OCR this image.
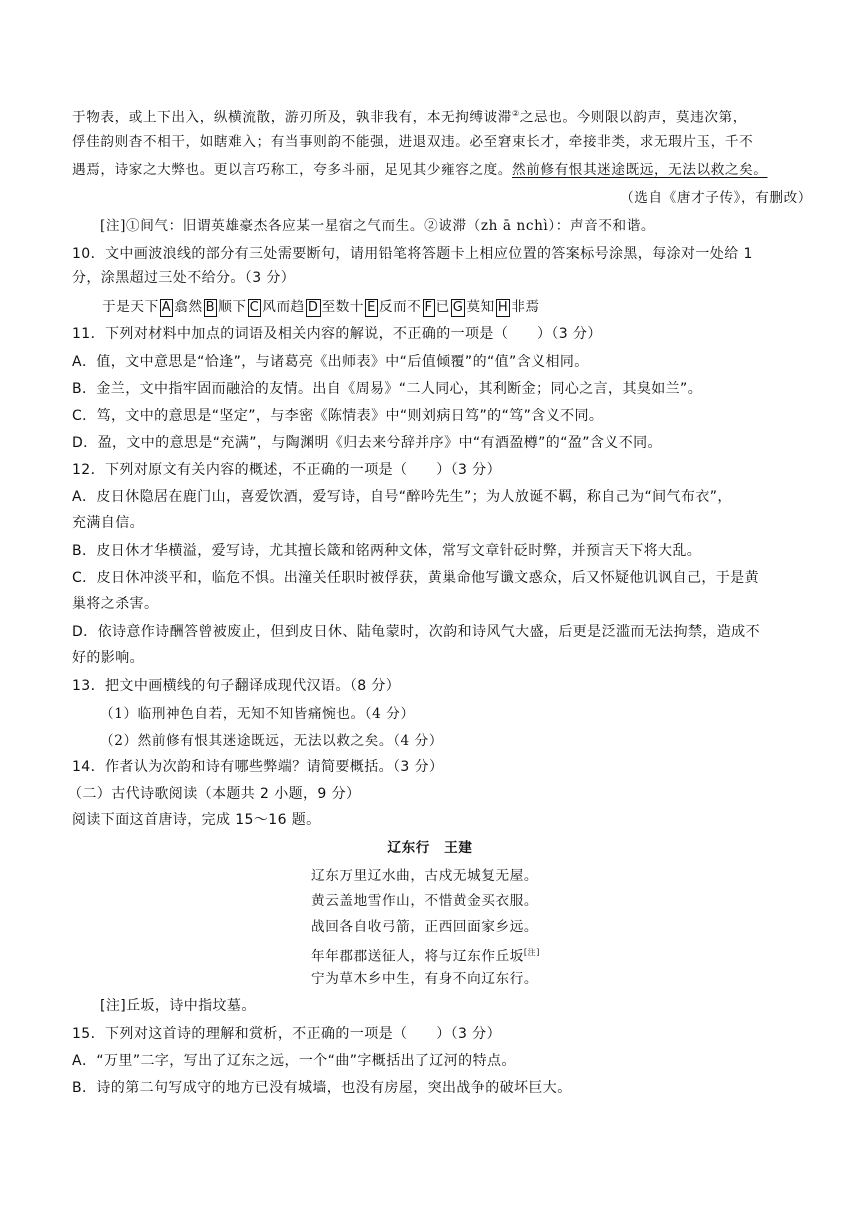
于物表，或上下出入，纵横流散，游刃所及，孰非我有，本无拘缚诐滞②之忌也。今则限以韵声，莫违次第，
俘佳韵则杳不相干，如瞎难入；有当事则韵不能强，进退双违。必至窘束长才，牵接非类，求无瑕片玉，千不
遇焉，诗家之大弊也。更以言巧称工，夸多斗丽，足见其少雍容之度。然前修有恨其迷途既远，无法以救之矣。
（选自《唐才子传》，有删改）
[注]①间气：旧谓英雄豪杰各应某一星宿之气而生。②诐滞（zh ā nchì）：声音不和谐。
10．文中画波浪线的部分有三处需要断句，请用铅笔将答题卡上相应位置的答案标号涂黑，每涂对一处给 1
分，涂黑超过三处不给分。（3 分）
于是天下 A 翕然 B 顺下 C 风而趋 D 至数十 E 反而不 F 已 G 莫知 H 非焉
11．下列对材料中加点的词语及相关内容的解说，不正确的一项是（　　）（3 分）
A．值，文中意思是“恰逢”，与诸葛亮《出师表》中“后值倾覆”的“值”含义相同。
B．金兰，文中指牢固而融洽的友情。出自《周易》“二人同心，其利断金；同心之言，其臭如兰”。
C．笃，文中的意思是“坚定”，与李密《陈情表》中“则刘病日笃”的“笃”含义不同。
D．盈，文中的意思是“充满”，与陶渊明《归去来兮辞并序》中“有酒盈樽”的“盈”含义不同。
12．下列对原文有关内容的概述，不正确的一项是（　　）（3 分）
A．皮日休隐居在鹿门山，喜爱饮酒，爱写诗，自号“醉吟先生”；为人放诞不羁，称自己为“间气布衣”，
充满自信。
B．皮日休才华横溢，爱写诗，尤其擅长箴和铭两种文体，常写文章针砭时弊，并预言天下将大乱。
C．皮日休冲淡平和，临危不惧。出潼关任职时被俘获，黄巢命他写谶文惑众，后又怀疑他讥讽自己，于是黄
巢将之杀害。
D．依诗意作诗酬答曾被废止，但到皮日休、陆龟蒙时，次韵和诗风气大盛，后更是泛滥而无法拘禁，造成不
好的影响。
13．把文中画横线的句子翻译成现代汉语。（8 分）
（1）临刑神色自若，无知不知皆痛惋也。（4 分）
（2）然前修有恨其迷途既远，无法以救之矣。（4 分）
14．作者认为次韵和诗有哪些弊端？请简要概括。（3 分）
（二）古代诗歌阅读（本题共 2 小题，9 分）
阅读下面这首唐诗，完成 15～16 题。
辽东行　王建
辽东万里辽水曲，古戍无城复无屋。
黄云盖地雪作山，不惜黄金买衣服。
战回各自收弓箭，正西回面家乡远。
年年郡郡送征人，将与辽东作丘坂[注]
宁为草木乡中生，有身不向辽东行。
[注]丘坂，诗中指坟墓。
15．下列对这首诗的理解和赏析，不正确的一项是（　　）（3 分）
A．“万里”二字，写出了辽东之远，一个“曲”字概括出了辽河的特点。
B．诗的第二句写成守的地方已没有城墙，也没有房屋，突出战争的破坏巨大。
